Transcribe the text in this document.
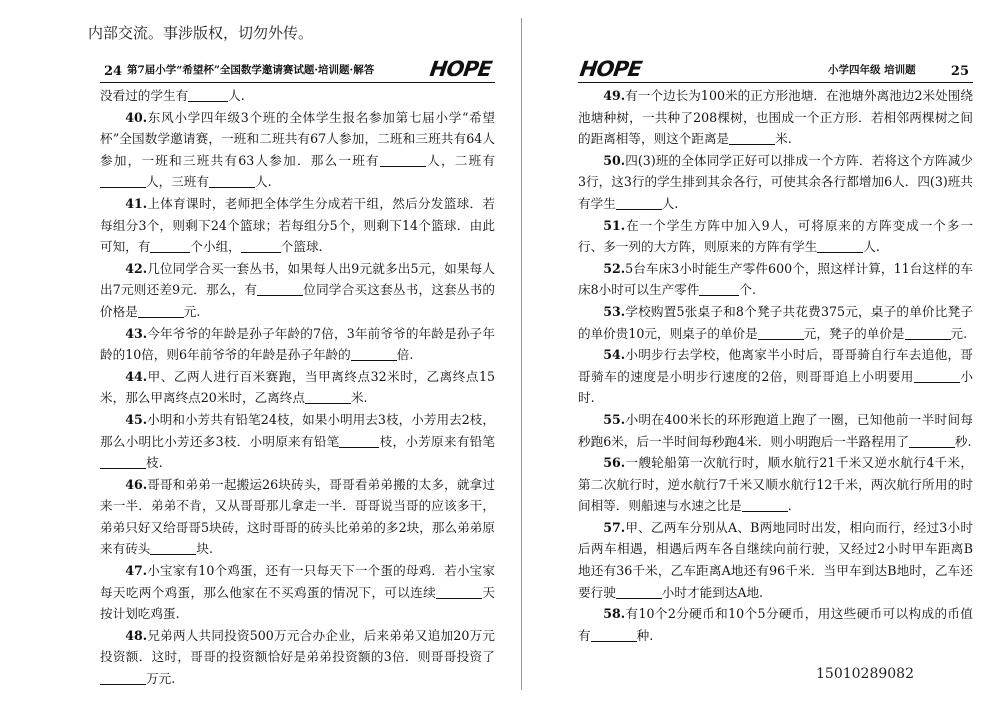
内部交流。事涉版权，切勿外传。
24 第7届小学“希望杯”全国数学邀请赛试题·培训题·解答	HOPE

没看过的学生有	人.

40.东风小学四年级3个班的全体学生报名参加第七届小学“希望杯”全国数学邀请赛，一班和二班共有67人参加，二班和三班共有64人参加，一班和三班共有63人参加．那么一班有	人，二班有人，三班有	人.

41.上体育课时，老师把全体学生分成若干组，然后分发篮球．若每组分3个，则剩下24个篮球；若每组分5个，则剩下14个篮球．由此可知，有	个小组，	个篮球.

42.几位同学合买一套丛书，如果每人出9元就多出5元，如果每人出7元则还差9元．那么，有	位同学合买这套丛书，这套丛书的价格是	元.

43.今年爷爷的年龄是孙子年龄的7倍，3年前爷爷的年龄是孙子年龄的10倍，则6年前爷爷的年龄是孙子年龄的	倍.

44.甲、乙两人进行百米赛跑，当甲离终点32米时，乙离终点15米，那么甲离终点20米时，乙离终点	米.

45.小明和小芳共有铅笔24枝，如果小明用去3枝，小芳用去2枝，那么小明比小芳还多3枝．小明原来有铅笔	枝，小芳原来有铅笔枝.

46.哥哥和弟弟一起搬运26块砖头，哥哥看弟弟搬的太多，就拿过来一半．弟弟不肯，又从哥哥那儿拿走一半．哥哥说当哥的应该多干，弟弟只好又给哥哥5块砖，这时哥哥的砖头比弟弟的多2块，那么弟弟原来有砖头	块.

47.小宝家有10个鸡蛋，还有一只每天下一个蛋的母鸡．若小宝家每天吃两个鸡蛋，那么他家在不买鸡蛋的情况下，可以连续	天按计划吃鸡蛋.

48.兄弟两人共同投资500万元合办企业，后来弟弟又追加20万元投资额．这时，哥哥的投资额恰好是弟弟投资额的3倍．则哥哥投资了万元.

HOPE	小学四年级 培训题	25

49.有一个边长为100米的正方形池塘．在池塘外离池边2米处围绕池塘种树，一共种了208棵树，也围成一个正方形．若相邻两棵树之间的距离相等，则这个距离是	米.

50.四(3)班的全体同学正好可以排成一个方阵．若将这个方阵减少3行，这3行的学生排到其余各行，可使其余各行都增加6人．四(3)班共有学生	人.

51.在一个学生方阵中加入9人，可将原来的方阵变成一个多一行、多一列的大方阵，则原来的方阵有学生	人.

52.5台车床3小时能生产零件600个，照这样计算，11台这样的车床8小时可以生产零件	个.

53.学校购置5张桌子和8个凳子共花费375元，桌子的单价比凳子的单价贵10元，则桌子的单价是	元，凳子的单价是	元.

54.小明步行去学校，他离家半小时后，哥哥骑自行车去追他，哥哥骑车的速度是小明步行速度的2倍，则哥哥追上小明要用	小时.

55.小明在400米长的环形跑道上跑了一圈，已知他前一半时间每秒跑6米，后一半时间每秒跑4米．则小明跑后一半路程用了	秒.

56.一艘轮船第一次航行时，顺水航行21千米又逆水航行4千米，第二次航行时，逆水航行7千米又顺水航行12千米，两次航行所用的时间相等．则船速与水速之比是	．

57.甲、乙两车分别从A、B两地同时出发，相向而行，经过3小时后两车相遇，相遇后两车各自继续向前行驶，又经过2小时甲车距离B地还有36千米，乙车距离A地还有96千米．当甲车到达B地时，乙车还要行驶	小时才能到达A地.

58.有10个2分硬币和10个5分硬币，用这些硬币可以构成的币值有	种.

15010289082
